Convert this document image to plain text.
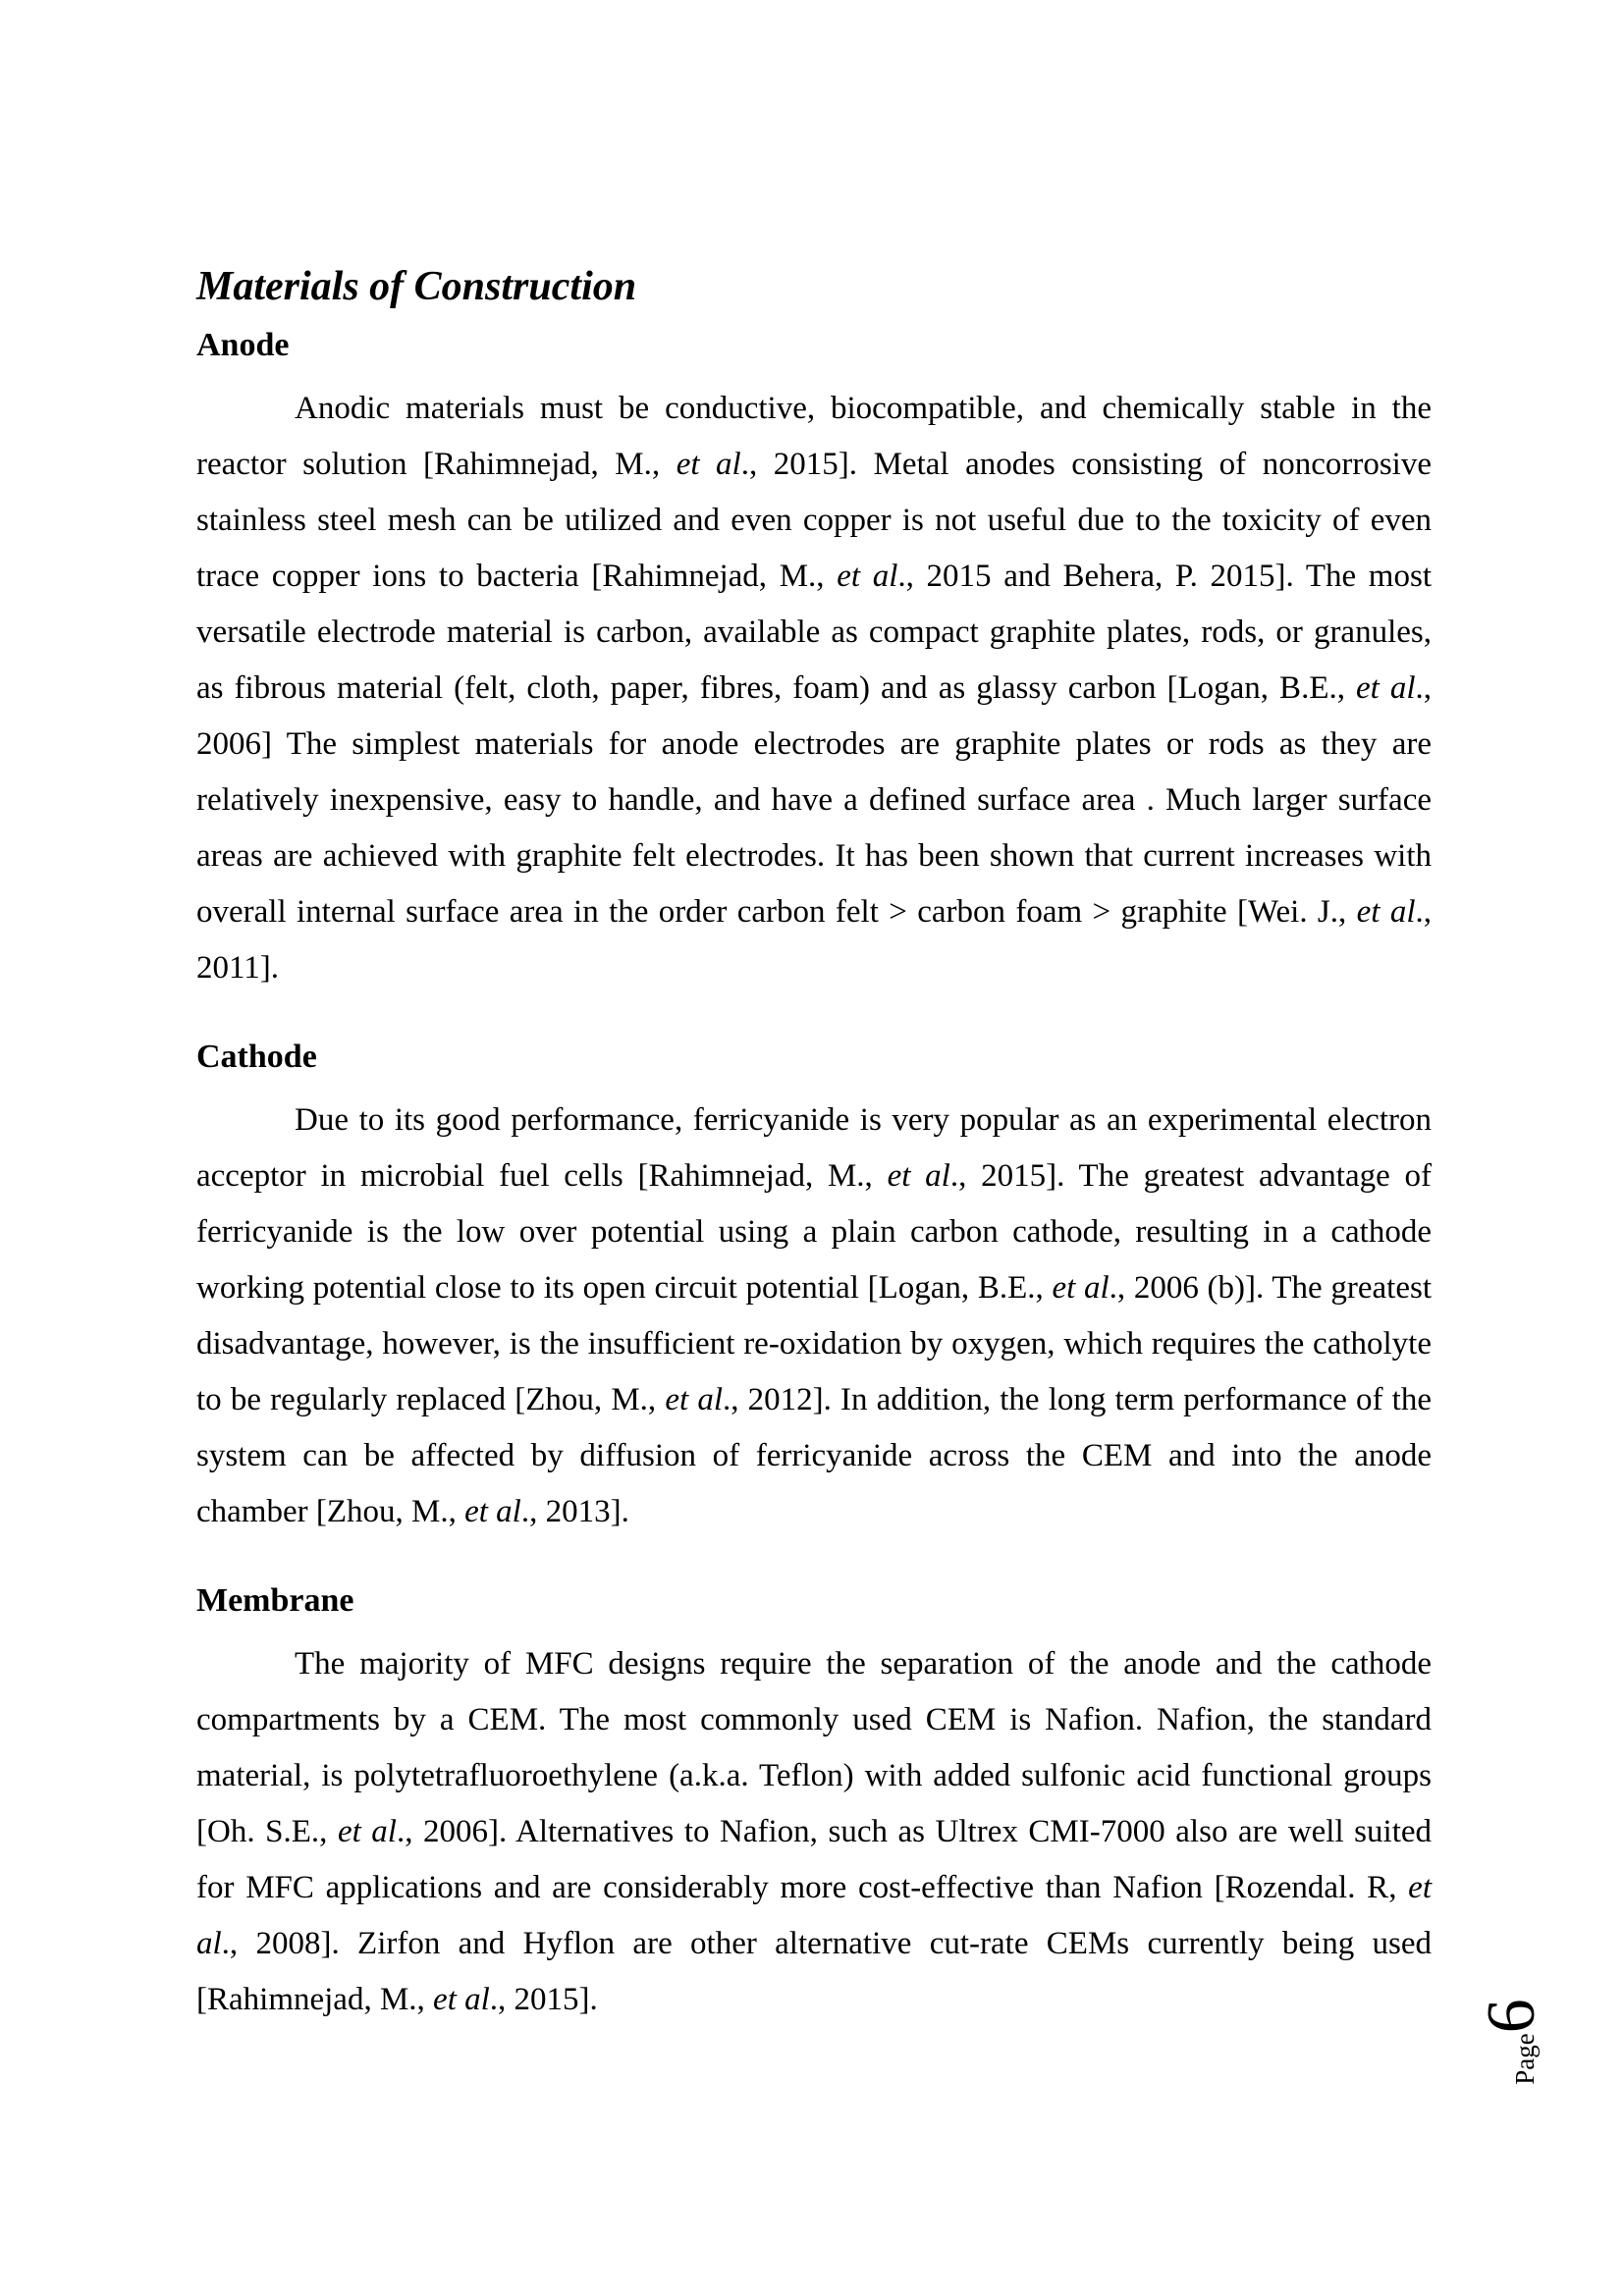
Materials of Construction
Anode

Anodic materials must be conductive, biocompatible, and chemically stable in the reactor solution [Rahimnejad, M., et al., 2015]. Metal anodes consisting of noncorrosive stainless steel mesh can be utilized and even copper is not useful due to the toxicity of even trace copper ions to bacteria [Rahimnejad, M., et al., 2015 and Behera, P. 2015]. The most versatile electrode material is carbon, available as compact graphite plates, rods, or granules, as fibrous material (felt, cloth, paper, fibres, foam) and as glassy carbon [Logan, B.E., et al., 2006] The simplest materials for anode electrodes are graphite plates or rods as they are relatively inexpensive, easy to handle, and have a defined surface area . Much larger surface areas are achieved with graphite felt electrodes. It has been shown that current increases with overall internal surface area in the order carbon felt > carbon foam > graphite [Wei. J., et al., 2011].

Cathode

Due to its good performance, ferricyanide is very popular as an experimental electron acceptor in microbial fuel cells [Rahimnejad, M., et al., 2015]. The greatest advantage of ferricyanide is the low over potential using a plain carbon cathode, resulting in a cathode working potential close to its open circuit potential [Logan, B.E., et al., 2006 (b)]. The greatest disadvantage, however, is the insufficient re-oxidation by oxygen, which requires the catholyte to be regularly replaced [Zhou, M., et al., 2012]. In addition, the long term performance of the system can be affected by diffusion of ferricyanide across the CEM and into the anode chamber [Zhou, M., et al., 2013].

Membrane

The majority of MFC designs require the separation of the anode and the cathode compartments by a CEM. The most commonly used CEM is Nafion. Nafion, the standard material, is polytetrafluoroethylene (a.k.a. Teflon) with added sulfonic acid functional groups [Oh. S.E., et al., 2006]. Alternatives to Nafion, such as Ultrex CMI-7000 also are well suited for MFC applications and are considerably more cost-effective than Nafion [Rozendal. R, et al., 2008]. Zirfon and Hyflon are other alternative cut-rate CEMs currently being used [Rahimnejad, M., et al., 2015].

Page6
